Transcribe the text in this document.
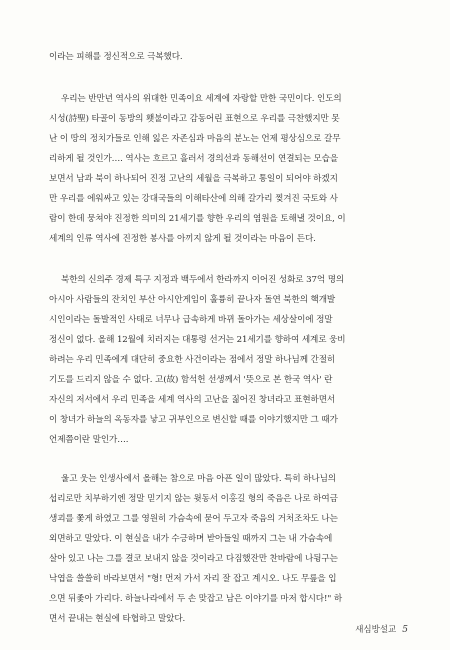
이라는 피해를 정신적으로 극복했다.
우리는 반만년 역사의 위대한 민족이요 세계에 자랑할 만한 국민이다. 인도의
시성(詩聖) 타골이 동방의 횃불이라고 감동어린 표현으로 우리를 극찬했지만 못
난 이 땅의 정치가들로 인해 잃은 자존심과 마음의 분노는 언제 평상심으로 갈무
리하게 될 것인가…. 역사는 흐르고 흘러서 경의선과 동해선이 연결되는 모습을
보면서 남과 북이 하나되어 진정 고난의 세월을 극복하고 통일이 되어야 하겠지
만 우리를 에워싸고 있는 강대국들의 이해타산에 의해 갈가리 찢겨진 국토와 사
람이 한데 뭉쳐야 진정한 의미의 21세기를 향한 우리의 염원을 토해낼 것이요, 이
세계의 인류 역사에 진정한 봉사를 아끼지 않게 될 것이라는 마음이 든다.
북한의 신의주 경제 특구 지정과 백두에서 한라까지 이어진 성화로 37억 명의
아시아 사람들의 잔치인 부산 아시안게임이 훌륭히 끝나자 돌연 북한의 핵개발
시인이라는 돌발적인 사태로 너무나 급속하게 바뀌 돌아가는 세상살이에 정말
정신이 없다. 올해 12월에 치러지는 대통령 선거는 21세기를 향하여 세계로 웅비
하려는 우리 민족에게 대단히 중요한 사건이라는 점에서 정말 하나님께 간절히
기도를 드리지 않을 수 없다. 고(故) 함석헌 선생께서 '뜻으로 본 한국 역사' 란
자신의 저서에서 우리 민족을 세계 역사의 고난을 짊어진 창녀라고 표현하면서
이 창녀가 하늘의 옥동자를 낳고 귀부인으로 변신할 때를 이야기했지만 그 때가
언제쯤이란 말인가….
울고 웃는 인생사에서 올해는 참으로 마음 아픈 일이 많았다. 특히 하나님의
섭리로만 치부하기엔 정말 믿기지 않는 윗동서 이홍길 형의 죽음은 나로 하여금
생괴를 쫓게 하였고 그를 영원히 가슴속에 묻어 두고자 죽음의 거처조차도 나는
외면하고 말았다. 이 현실을 내가 수긍하며 받아들일 때까지 그는 내 가슴속에
살아 있고 나는 그를 결코 보내지 않을 것이라고 다짐했잔만 찬바람에 나뒹구는
낙엽을 쓸쓸히 바라보면서 "형! 먼저 가서 자리 잘 잡고 계시오. 나도 무릎을 입
으면 뒤좇아 가리다. 하늘나라에서 두 손 맞잡고 남은 이야기를 마저 합시다!" 하
면서 끝내는 현실에 타협하고 말았다.
새심방설교 5
